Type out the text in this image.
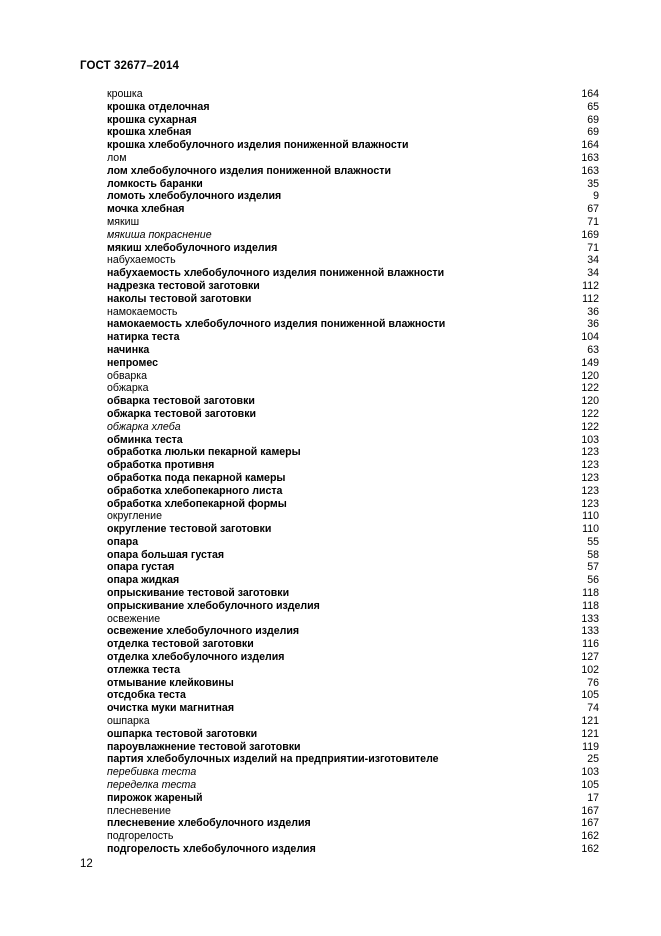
ГОСТ 32677–2014
крошка	164
крошка отделочная	65
крошка сухарная	69
крошка хлебная	69
крошка хлебобулочного изделия пониженной влажности	164
лом	163
лом хлебобулочного изделия пониженной влажности	163
ломкость баранки	35
ломоть хлебобулочного изделия	9
мочка хлебная	67
мякиш	71
мякиша покраснение	169
мякиш хлебобулочного изделия	71
набухаемость	34
набухаемость хлебобулочного изделия пониженной влажности	34
надрезка тестовой заготовки	112
наколы тестовой заготовки	112
намокаемость	36
намокаемость хлебобулочного изделия пониженной влажности	36
натирка теста	104
начинка	63
непромес	149
обварка	120
обжарка	122
обварка тестовой заготовки	120
обжарка тестовой заготовки	122
обжарка хлеба	122
обминка теста	103
обработка люльки пекарной камеры	123
обработка противня	123
обработка пода пекарной камеры	123
обработка хлебопекарного листа	123
обработка хлебопекарной формы	123
округление	110
округление тестовой заготовки	110
опара	55
опара большая густая	58
опара густая	57
опара жидкая	56
опрыскивание тестовой заготовки	118
опрыскивание хлебобулочного изделия	118
освежение	133
освежение хлебобулочного изделия	133
отделка тестовой заготовки	116
отделка хлебобулочного изделия	127
отлежка теста	102
отмывание клейковины	76
отсдобка теста	105
очистка муки магнитная	74
ошпарка	121
ошпарка тестовой заготовки	121
пароувлажнение тестовой заготовки	119
партия хлебобулочных изделий на предприятии-изготовителе	25
перебивка теста	103
переделка теста	105
пирожок жареный	17
плесневение	167
плесневение хлебобулочного изделия	167
подгорелость	162
подгорелость хлебобулочного изделия	162
12
